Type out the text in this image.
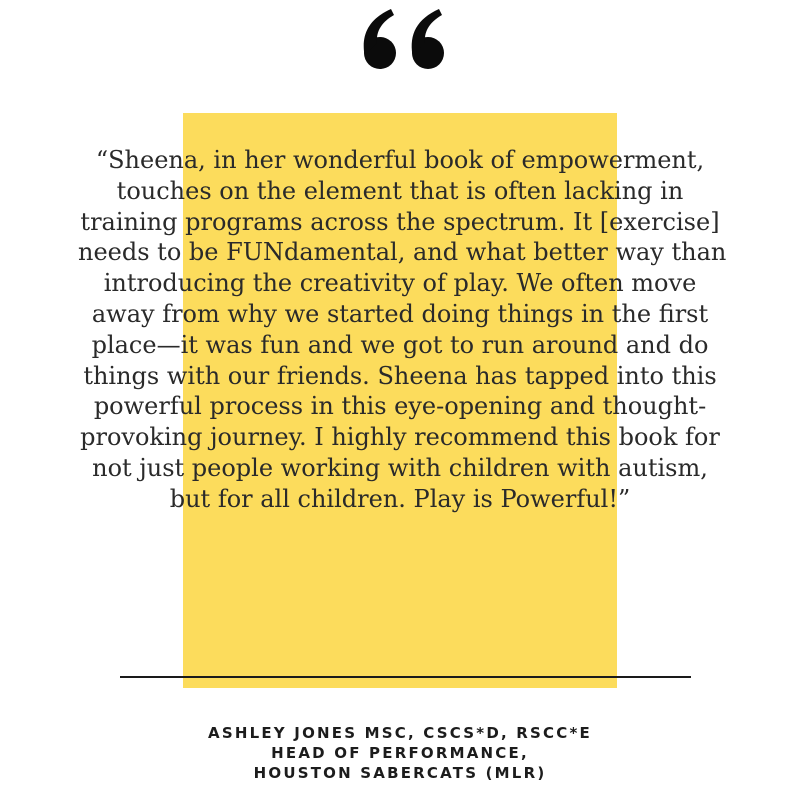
“Sheena, in her wonderful book of empowerment,
touches on the element that is often lacking in
training programs across the spectrum. It [exercise]
needs to be FUNdamental, and what better way than
introducing the creativity of play. We often move
away from why we started doing things in the first
place—it was fun and we got to run around and do
things with our friends. Sheena has tapped into this
powerful process in this eye-opening and thought-
provoking journey. I highly recommend this book for
not just people working with children with autism,
but for all children. Play is Powerful!”

ASHLEY JONES MSC, CSCS*D, RSCC*E
HEAD OF PERFORMANCE,
HOUSTON SABERCATS (MLR)
